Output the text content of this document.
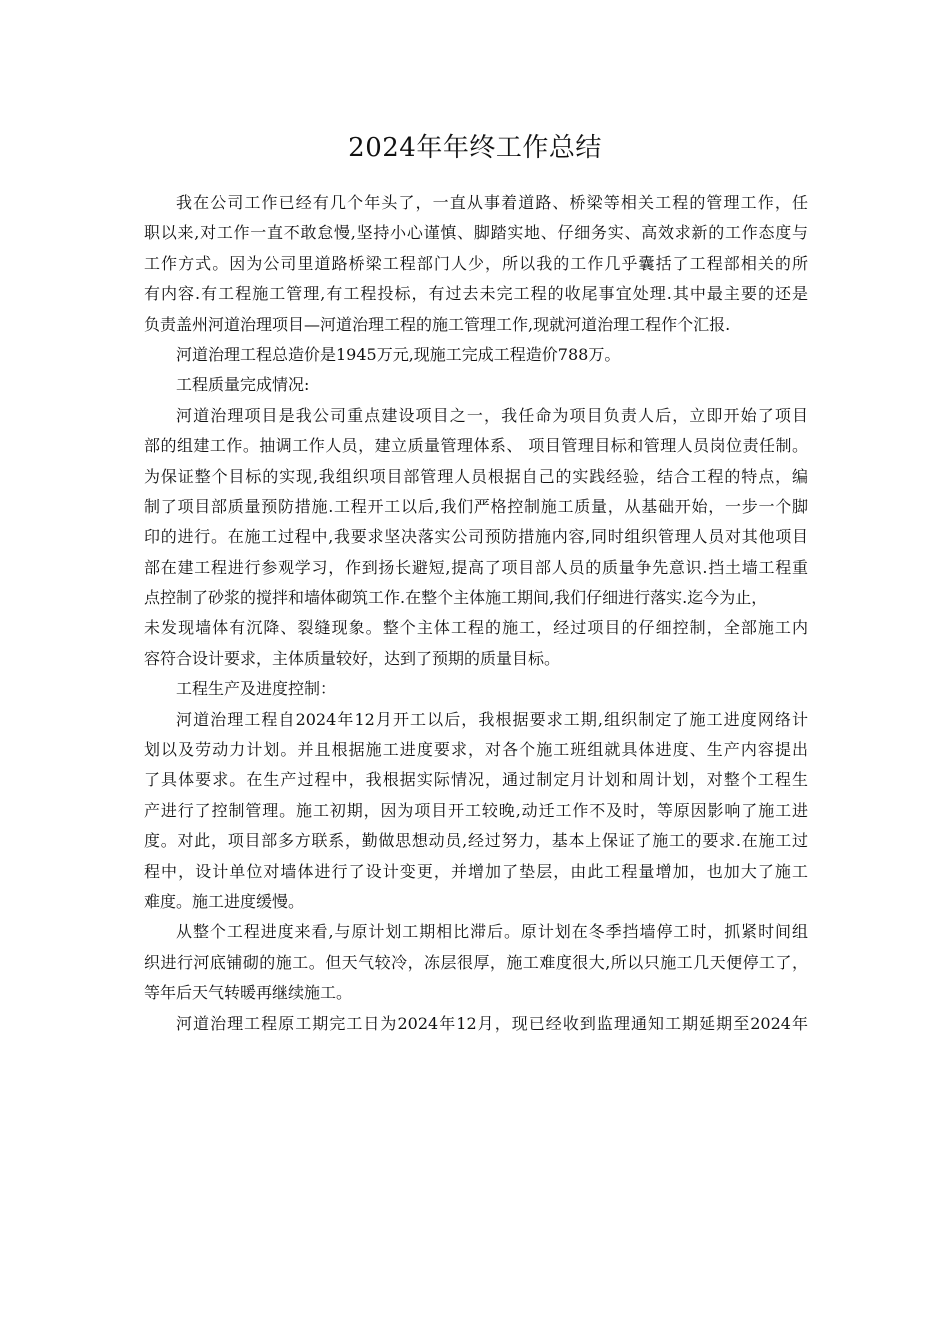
2024年年终工作总结
我在公司工作已经有几个年头了，一直从事着道路、桥梁等相关工程的管理工作，任
职以来,对工作一直不敢怠慢,坚持小心谨慎、脚踏实地、仔细务实、高效求新的工作态度与
工作方式。因为公司里道路桥梁工程部门人少，所以我的工作几乎囊括了工程部相关的所
有内容.有工程施工管理,有工程投标，有过去未完工程的收尾事宜处理.其中最主要的还是
负责盖州河道治理项目—河道治理工程的施工管理工作,现就河道治理工程作个汇报.
河道治理工程总造价是1945万元,现施工完成工程造价788万。
工程质量完成情况:
河道治理项目是我公司重点建设项目之一，我任命为项目负责人后，立即开始了项目
部的组建工作。抽调工作人员，建立质量管理体系、 项目管理目标和管理人员岗位责任制。
为保证整个目标的实现,我组织项目部管理人员根据自己的实践经验，结合工程的特点，编
制了项目部质量预防措施.工程开工以后,我们严格控制施工质量，从基础开始，一步一个脚
印的进行。在施工过程中,我要求坚决落实公司预防措施内容,同时组织管理人员对其他项目
部在建工程进行参观学习，作到扬长避短,提高了项目部人员的质量争先意识.挡土墙工程重
点控制了砂浆的搅拌和墙体砌筑工作.在整个主体施工期间,我们仔细进行落实.迄今为止，
未发现墙体有沉降、裂缝现象。整个主体工程的施工，经过项目的仔细控制，全部施工内
容符合设计要求，主体质量较好，达到了预期的质量目标。
工程生产及进度控制：
河道治理工程自2024年12月开工以后，我根据要求工期,组织制定了施工进度网络计
划以及劳动力计划。并且根据施工进度要求，对各个施工班组就具体进度、生产内容提出
了具体要求。在生产过程中，我根据实际情况，通过制定月计划和周计划，对整个工程生
产进行了控制管理。施工初期，因为项目开工较晚,动迁工作不及时，等原因影响了施工进
度。对此，项目部多方联系，勤做思想动员,经过努力，基本上保证了施工的要求.在施工过
程中，设计单位对墙体进行了设计变更，并增加了垫层，由此工程量增加，也加大了施工
难度。施工进度缓慢。
从整个工程进度来看,与原计划工期相比滞后。原计划在冬季挡墙停工时，抓紧时间组
织进行河底铺砌的施工。但天气较冷，冻层很厚，施工难度很大,所以只施工几天便停工了，
等年后天气转暖再继续施工。
河道治理工程原工期完工日为2024年12月，现已经收到监理通知工期延期至2024年
